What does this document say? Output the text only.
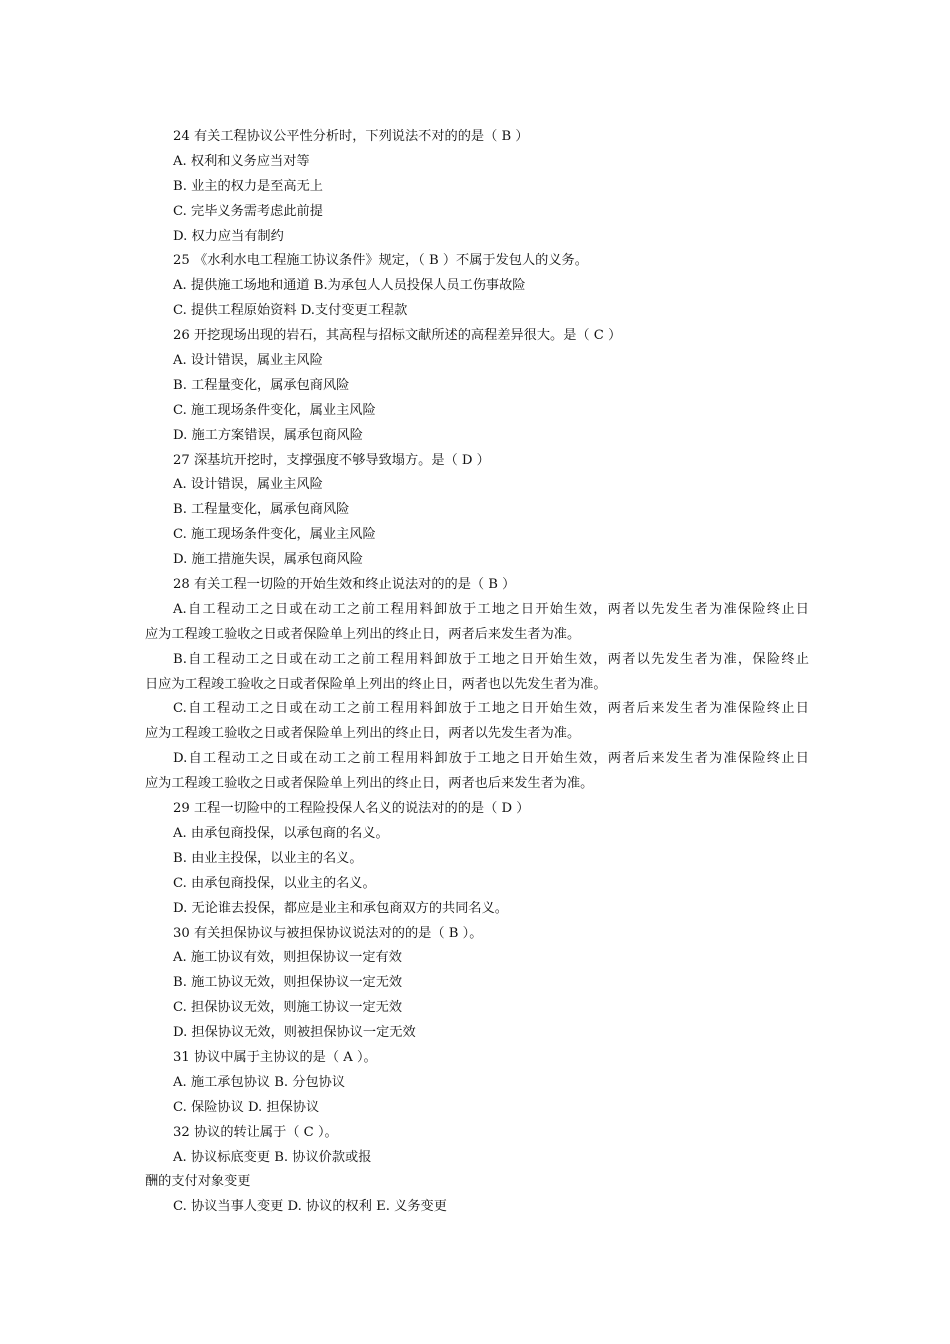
24 有关工程协议公平性分析时，下列说法不对的的是（ B ）
A. 权利和义务应当对等
B. 业主的权力是至高无上
C. 完毕义务需考虑此前提
D. 权力应当有制约
25 《水利水电工程施工协议条件》规定，（ B ）不属于发包人的义务。
A. 提供施工场地和通道 B.为承包人人员投保人员工伤事故险
C. 提供工程原始资料 D.支付变更工程款
26 开挖现场出现的岩石，其高程与招标文献所述的高程差异很大。是（ C ）
A. 设计错误，属业主风险
B. 工程量变化，属承包商风险
C. 施工现场条件变化，属业主风险
D. 施工方案错误，属承包商风险
27 深基坑开挖时，支撑强度不够导致塌方。是（ D ）
A. 设计错误，属业主风险
B. 工程量变化，属承包商风险
C. 施工现场条件变化，属业主风险
D. 施工措施失误，属承包商风险
28 有关工程一切险的开始生效和终止说法对的的是（ B ）
A.自工程动工之日或在动工之前工程用料卸放于工地之日开始生效，两者以先发生者为准保险终止日
应为工程竣工验收之日或者保险单上列出的终止日，两者后来发生者为准。
B.自工程动工之日或在动工之前工程用料卸放于工地之日开始生效，两者以先发生者为准，保险终止
日应为工程竣工验收之日或者保险单上列出的终止日，两者也以先发生者为准。
C.自工程动工之日或在动工之前工程用料卸放于工地之日开始生效，两者后来发生者为准保险终止日
应为工程竣工验收之日或者保险单上列出的终止日，两者以先发生者为准。
D.自工程动工之日或在动工之前工程用料卸放于工地之日开始生效，两者后来发生者为准保险终止日
应为工程竣工验收之日或者保险单上列出的终止日，两者也后来发生者为准。
29 工程一切险中的工程险投保人名义的说法对的的是（ D ）
A. 由承包商投保，以承包商的名义。
B. 由业主投保，以业主的名义。
C. 由承包商投保，以业主的名义。
D. 无论谁去投保，都应是业主和承包商双方的共同名义。
30 有关担保协议与被担保协议说法对的的是（ B ）。
A. 施工协议有效，则担保协议一定有效
B. 施工协议无效，则担保协议一定无效
C. 担保协议无效，则施工协议一定无效
D. 担保协议无效，则被担保协议一定无效
31 协议中属于主协议的是（ A ）。
A. 施工承包协议 B. 分包协议
C. 保险协议 D. 担保协议
32 协议的转让属于（ C ）。
A. 协议标底变更 B. 协议价款或报
酬的支付对象变更
C. 协议当事人变更 D. 协议的权利 E. 义务变更
